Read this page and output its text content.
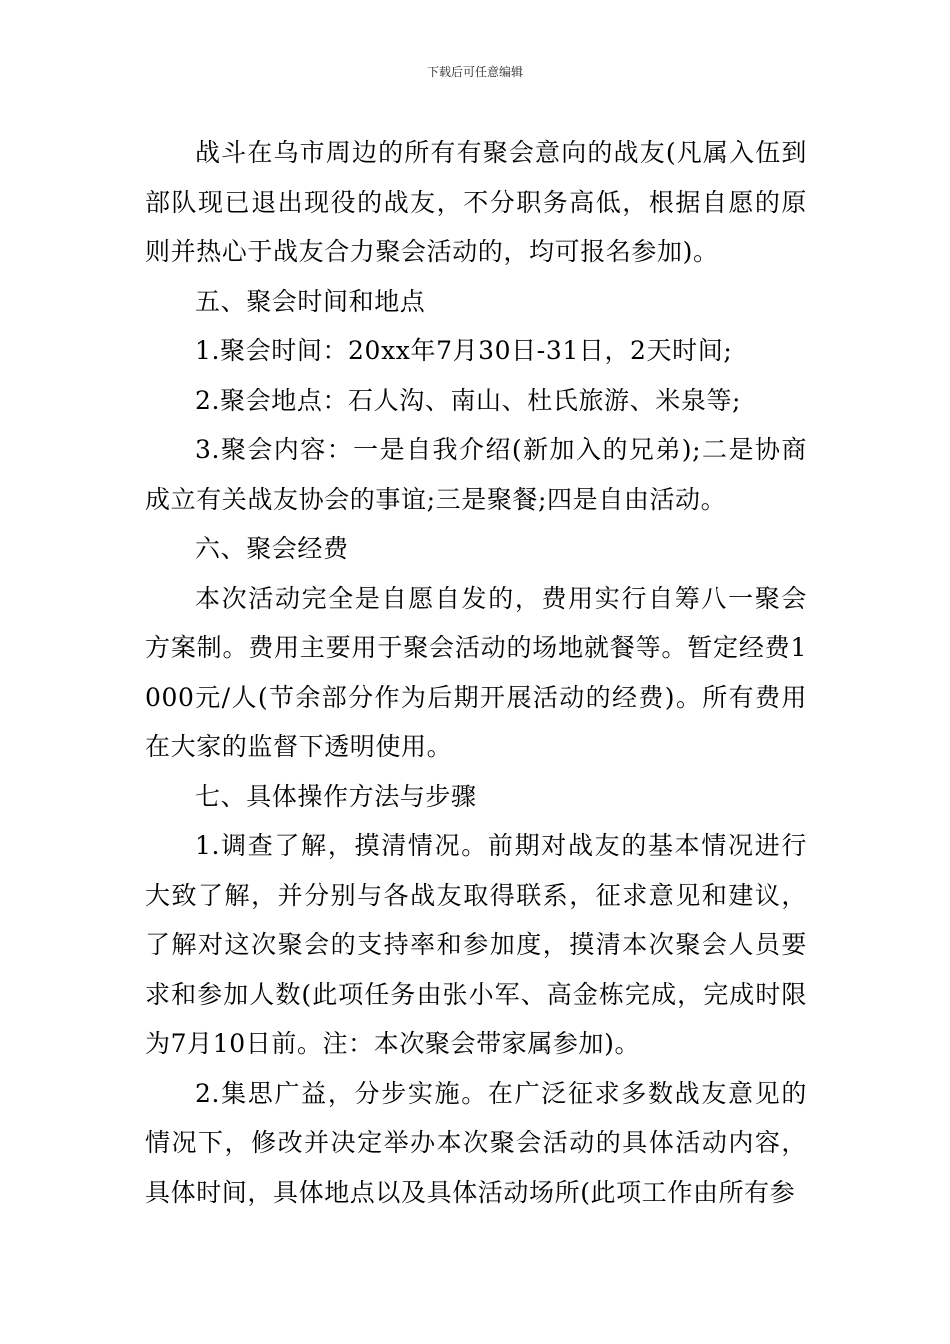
下载后可任意编辑

战斗在乌市周边的所有有聚会意向的战友(凡属入伍到部队现已退出现役的战友，不分职务高低，根据自愿的原则并热心于战友合力聚会活动的，均可报名参加)。

五、聚会时间和地点

1.聚会时间：20xx年7月30日-31日，2天时间;

2.聚会地点：石人沟、南山、杜氏旅游、米泉等;

3.聚会内容：一是自我介绍(新加入的兄弟);二是协商成立有关战友协会的事谊;三是聚餐;四是自由活动。

六、聚会经费

本次活动完全是自愿自发的，费用实行自筹八一聚会方案制。费用主要用于聚会活动的场地就餐等。暂定经费1000元/人(节余部分作为后期开展活动的经费)。所有费用在大家的监督下透明使用。

七、具体操作方法与步骤

1.调查了解，摸清情况。前期对战友的基本情况进行大致了解，并分别与各战友取得联系，征求意见和建议，了解对这次聚会的支持率和参加度，摸清本次聚会人员要求和参加人数(此项任务由张小军、高金栋完成，完成时限为7月10日前。注：本次聚会带家属参加)。

2.集思广益，分步实施。在广泛征求多数战友意见的情况下，修改并决定举办本次聚会活动的具体活动内容，具体时间，具体地点以及具体活动场所(此项工作由所有参
